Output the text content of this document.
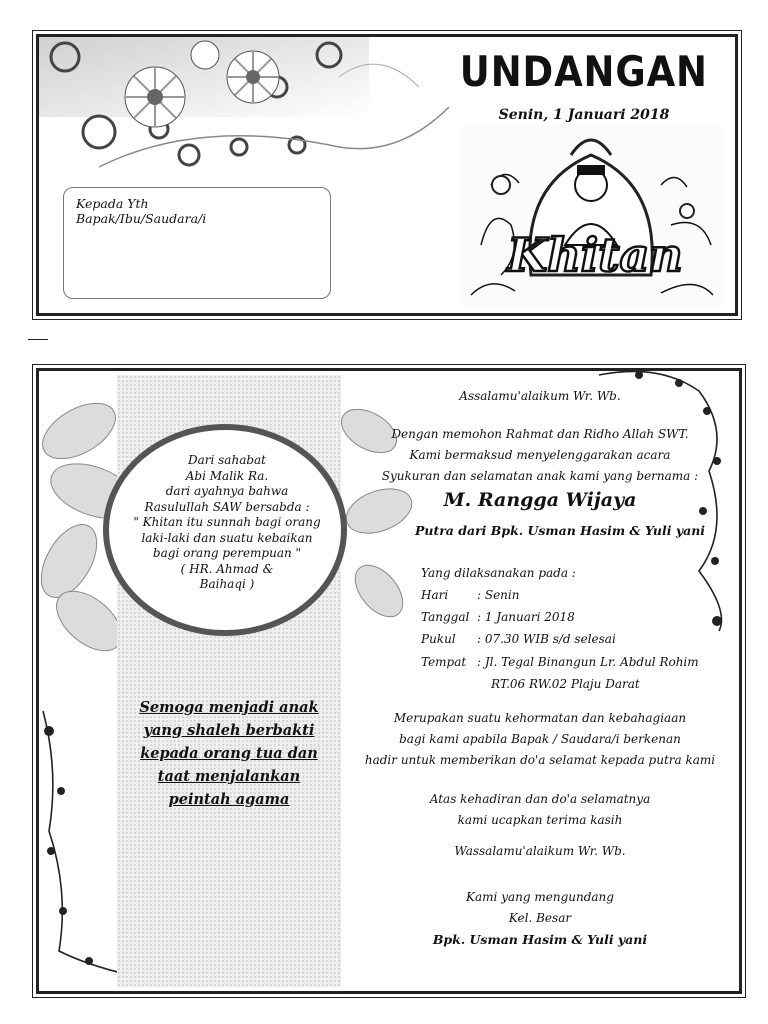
UNDANGAN
Senin, 1 Januari 2018
Kepada Yth
Bapak/Ibu/Saudara/i
Khitan
Dari sahabat
Abi Malik Ra.
dari ayahnya bahwa
Rasulullah SAW bersabda :
" Khitan itu sunnah bagi orang
laki-laki dan suatu kebaikan
bagi orang perempuan "
( HR. Ahmad &
Baihaqi )
Semoga menjadi anak
yang shaleh berbakti
kepada orang tua dan
taat menjalankan
peintah agama
Assalamu'alaikum Wr. Wb.
Dengan memohon Rahmat dan Ridho Allah SWT.
Kami bermaksud menyelenggarakan acara
Syukuran dan selamatan anak kami yang bernama :
M. Rangga Wijaya
Putra dari Bpk. Usman Hasim & Yuli yani
Yang dilaksanakan pada :
Hari : Senin
Tanggal : 1 Januari 2018
Pukul : 07.30 WIB s/d selesai
Tempat : Jl. Tegal Binangun Lr. Abdul Rohim
RT.06 RW.02 Plaju Darat
Merupakan suatu kehormatan dan kebahagiaan
bagi kami apabila Bapak / Saudara/i berkenan
hadir untuk memberikan do'a selamat kepada putra kami
Atas kehadiran dan do'a selamatnya
kami ucapkan terima kasih
Wassalamu'alaikum Wr. Wb.
Kami yang mengundang
Kel. Besar
Bpk. Usman Hasim & Yuli yani
